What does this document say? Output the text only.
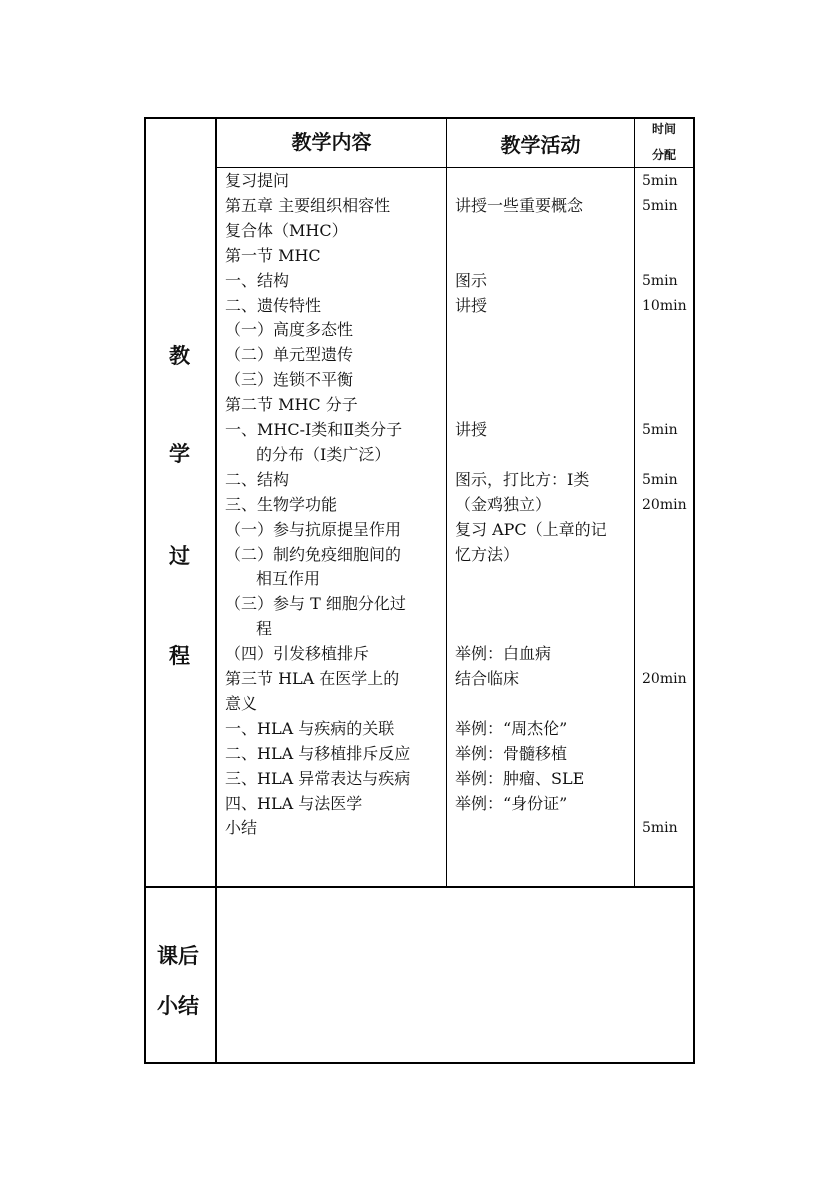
教学内容	教学活动
时间
分配
教
学
过
程
课后
小结
复习提问
第五章 主要组织相容性
复合体（MHC）
第一节 MHC
一、结构
二、遗传特性
（一）高度多态性
（二）单元型遗传
（三）连锁不平衡
第二节 MHC 分子
一、MHC-Ⅰ类和Ⅱ类分子
的分布（Ⅰ类广泛）
二、结构
三、生物学功能
（一）参与抗原提呈作用
（二）制约免疫细胞间的
相互作用
（三）参与 T 细胞分化过
程
（四）引发移植排斥
第三节 HLA 在医学上的
意义
一、HLA 与疾病的关联
二、HLA 与移植排斥反应
三、HLA 异常表达与疾病
四、HLA 与法医学
小结
讲授一些重要概念
图示
讲授
讲授
图示，打比方：Ⅰ类
（金鸡独立）
复习 APC（上章的记
忆方法）
举例：白血病
结合临床
举例：“周杰伦”
举例：骨髓移植
举例：肿瘤、SLE
举例：“身份证”
5min
5min
5min
10min
5min
5min
20min
20min
5min
